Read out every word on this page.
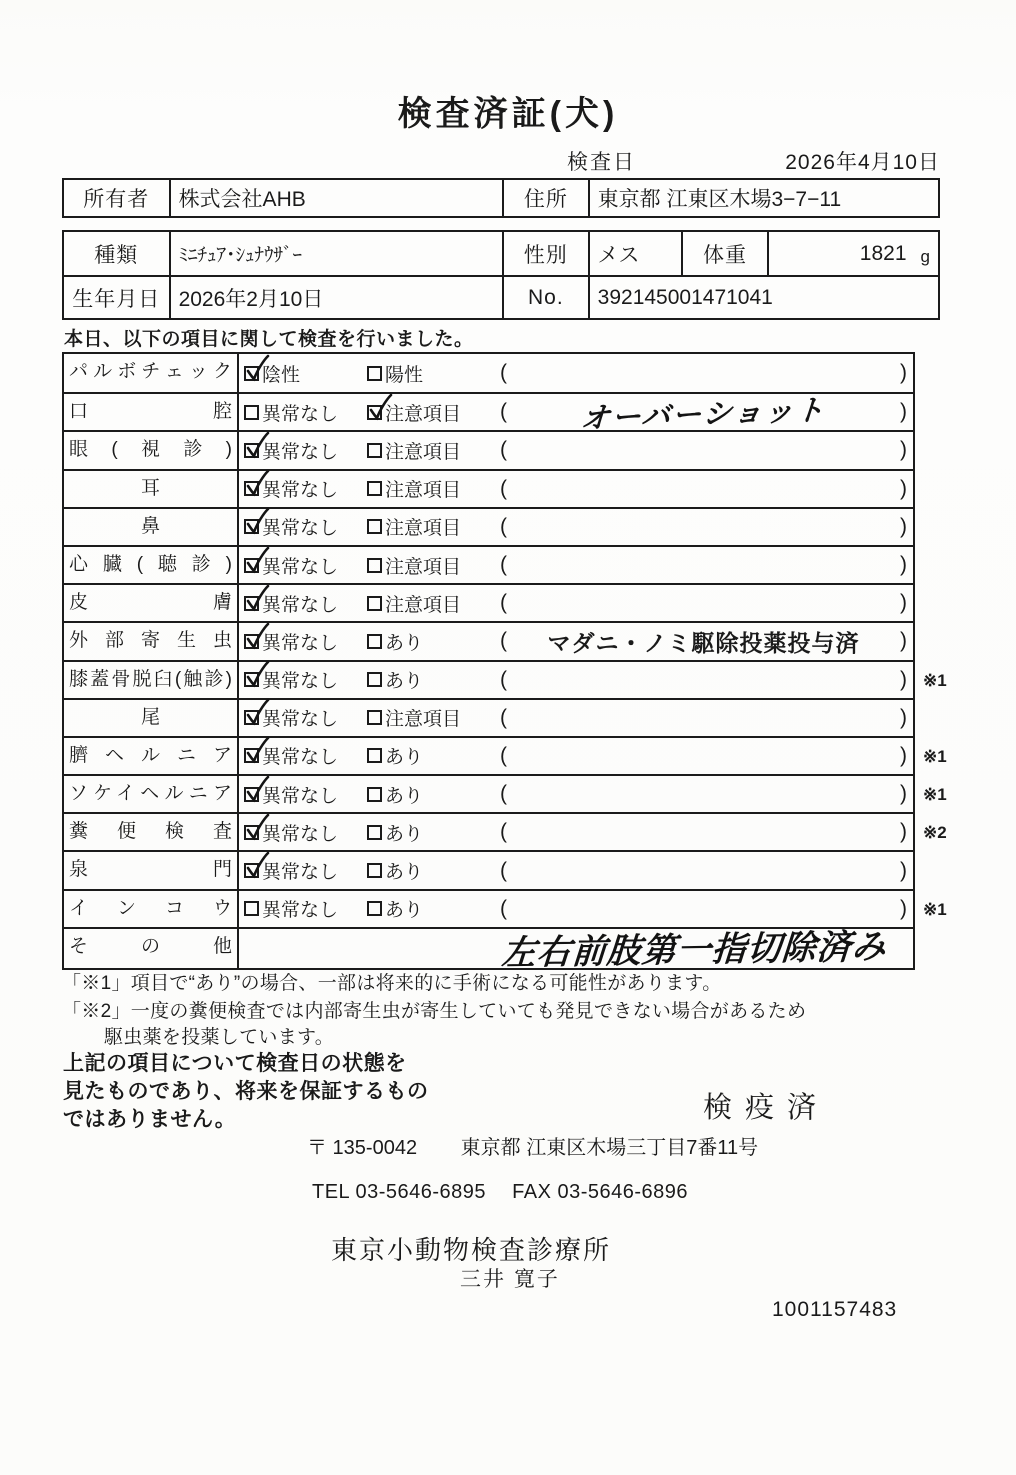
検査済証(犬)
検査日	2026年4月10日
所有者	株式会社AHB	住所	東京都 江東区木場3−7−11
種類	ﾐﾆﾁｭｱ･ｼｭﾅｳｻﾞｰ	性別	メス	体重	1821 g
生年月日 2026年2月10日	No.	392145001471041
本日、以下の項目に関して検査を行いました。
パルボチェック	陰性	陽性	(	)
口腔	異常なし 注意項目 (	オーバーショット	)
眼(視診)	異常なし 注意項目 (	)
耳	異常なし 注意項目 (	)
鼻	異常なし 注意項目 (	)
心臓(聴診)	異常なし 注意項目 (	)
皮膚	異常なし 注意項目 (	)
外部寄生虫	異常なし あり	(	マダニ・ノミ駆除投薬投与済	)
膝蓋骨脱臼(触診)	異常なし あり	(	) ※1
尾	異常なし 注意項目 (	)
臍ヘルニア	異常なし あり	(	) ※1
ソケイヘルニア	異常なし あり	(	) ※1
糞便検査	異常なし あり	(	) ※2
泉門	異常なし あり	(	)
インコウ	異常なし あり	(	) ※1
その他	左右前肢第一指切除済み
「※1」項目で“あり”の場合、一部は将来的に手術になる可能性があります。
「※2」一度の糞便検査では内部寄生虫が寄生していても発見できない場合があるため
駆虫薬を投薬しています。
上記の項目について検査日の状態を
見たものであり、将来を保証するもの
ではありません。	検疫済
〒 135-0042 東京都 江東区木場三丁目7番11号
TEL 03-5646-6895 FAX 03-5646-6896
東京小動物検査診療所
三井 寛子
1001157483
